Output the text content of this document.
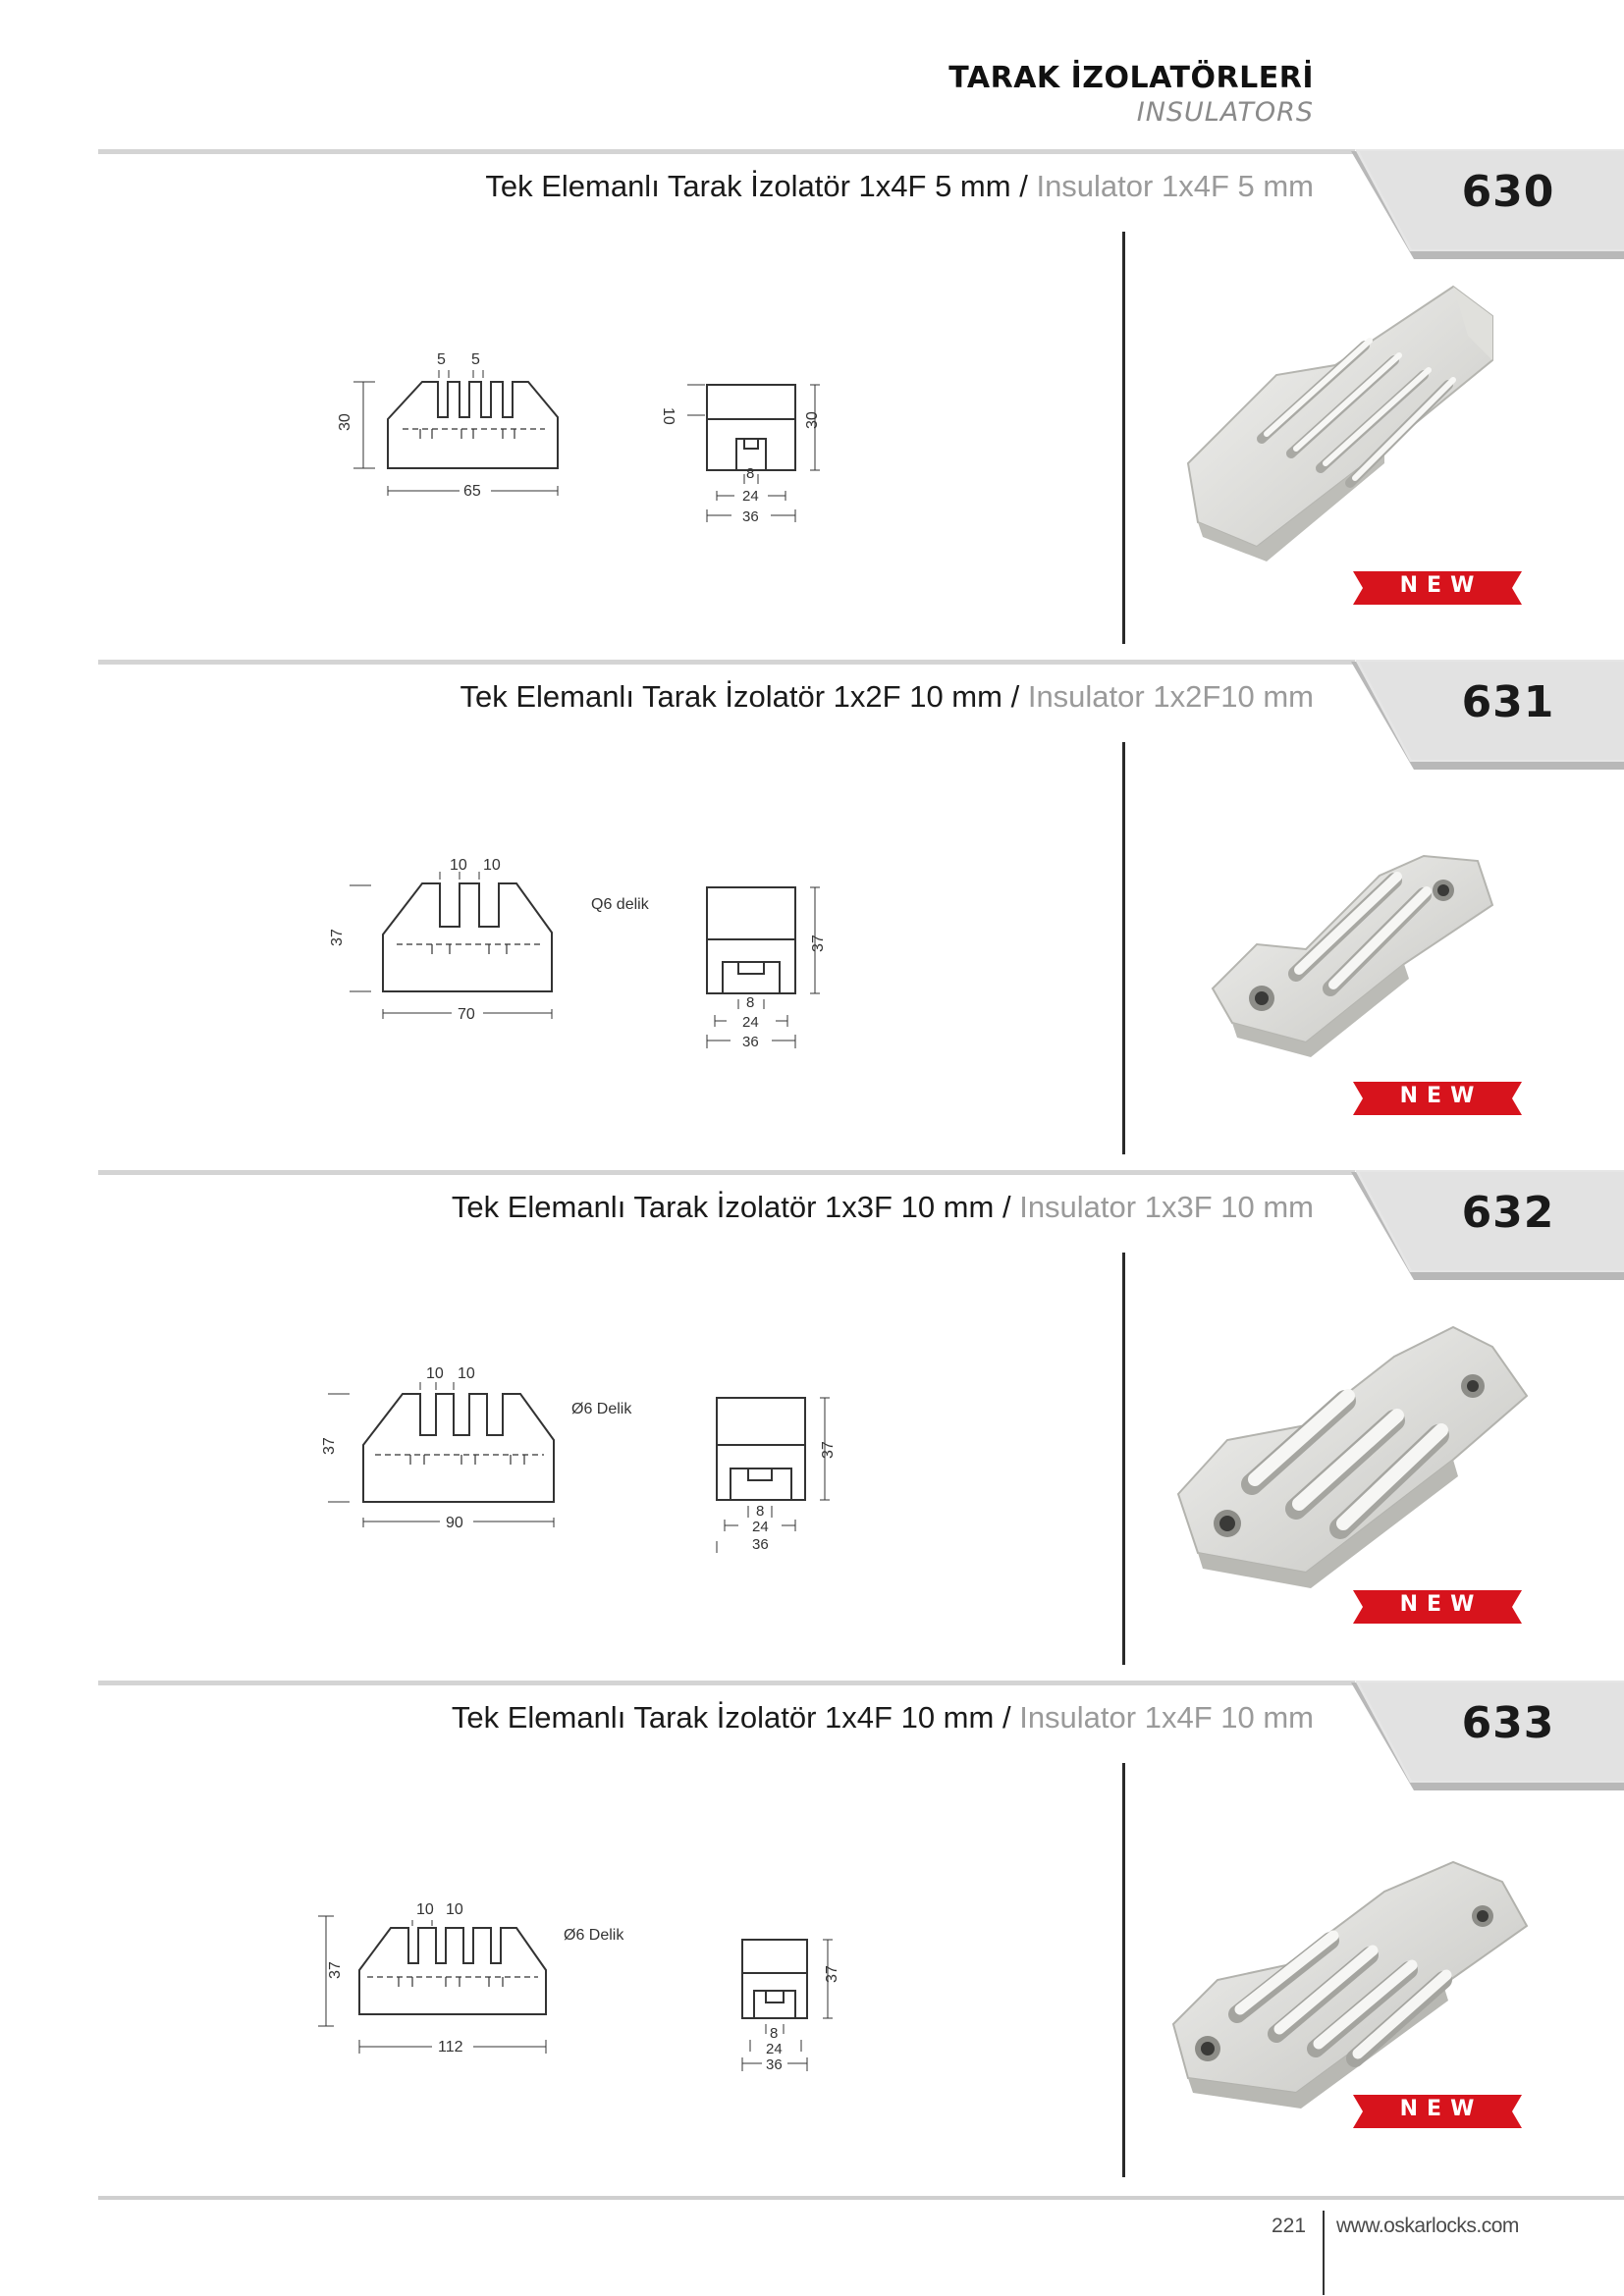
TARAK İZOLATÖRLERİ
INSULATORS
Tek Elemanlı Tarak İzolatör 1x4F 5 mm / Insulator 1x4F 5 mm	630
5 5
30
65
10	30
8
24
36
NEW
Tek Elemanlı Tarak İzolatör 1x2F 10 mm / Insulator 1x2F10 mm	631
10 10
Q6 delik
37
70
37
8
24
36
NEW
Tek Elemanlı Tarak İzolatör 1x3F 10 mm / Insulator 1x3F 10 mm	632
10 10
Ø6 Delik
37
90
37
8
24
36
NEW
Tek Elemanlı Tarak İzolatör 1x4F 10 mm / Insulator 1x4F 10 mm	633
10 10
Ø6 Delik
37
112
37
8
24
36
NEW
221 www.oskarlocks.com
